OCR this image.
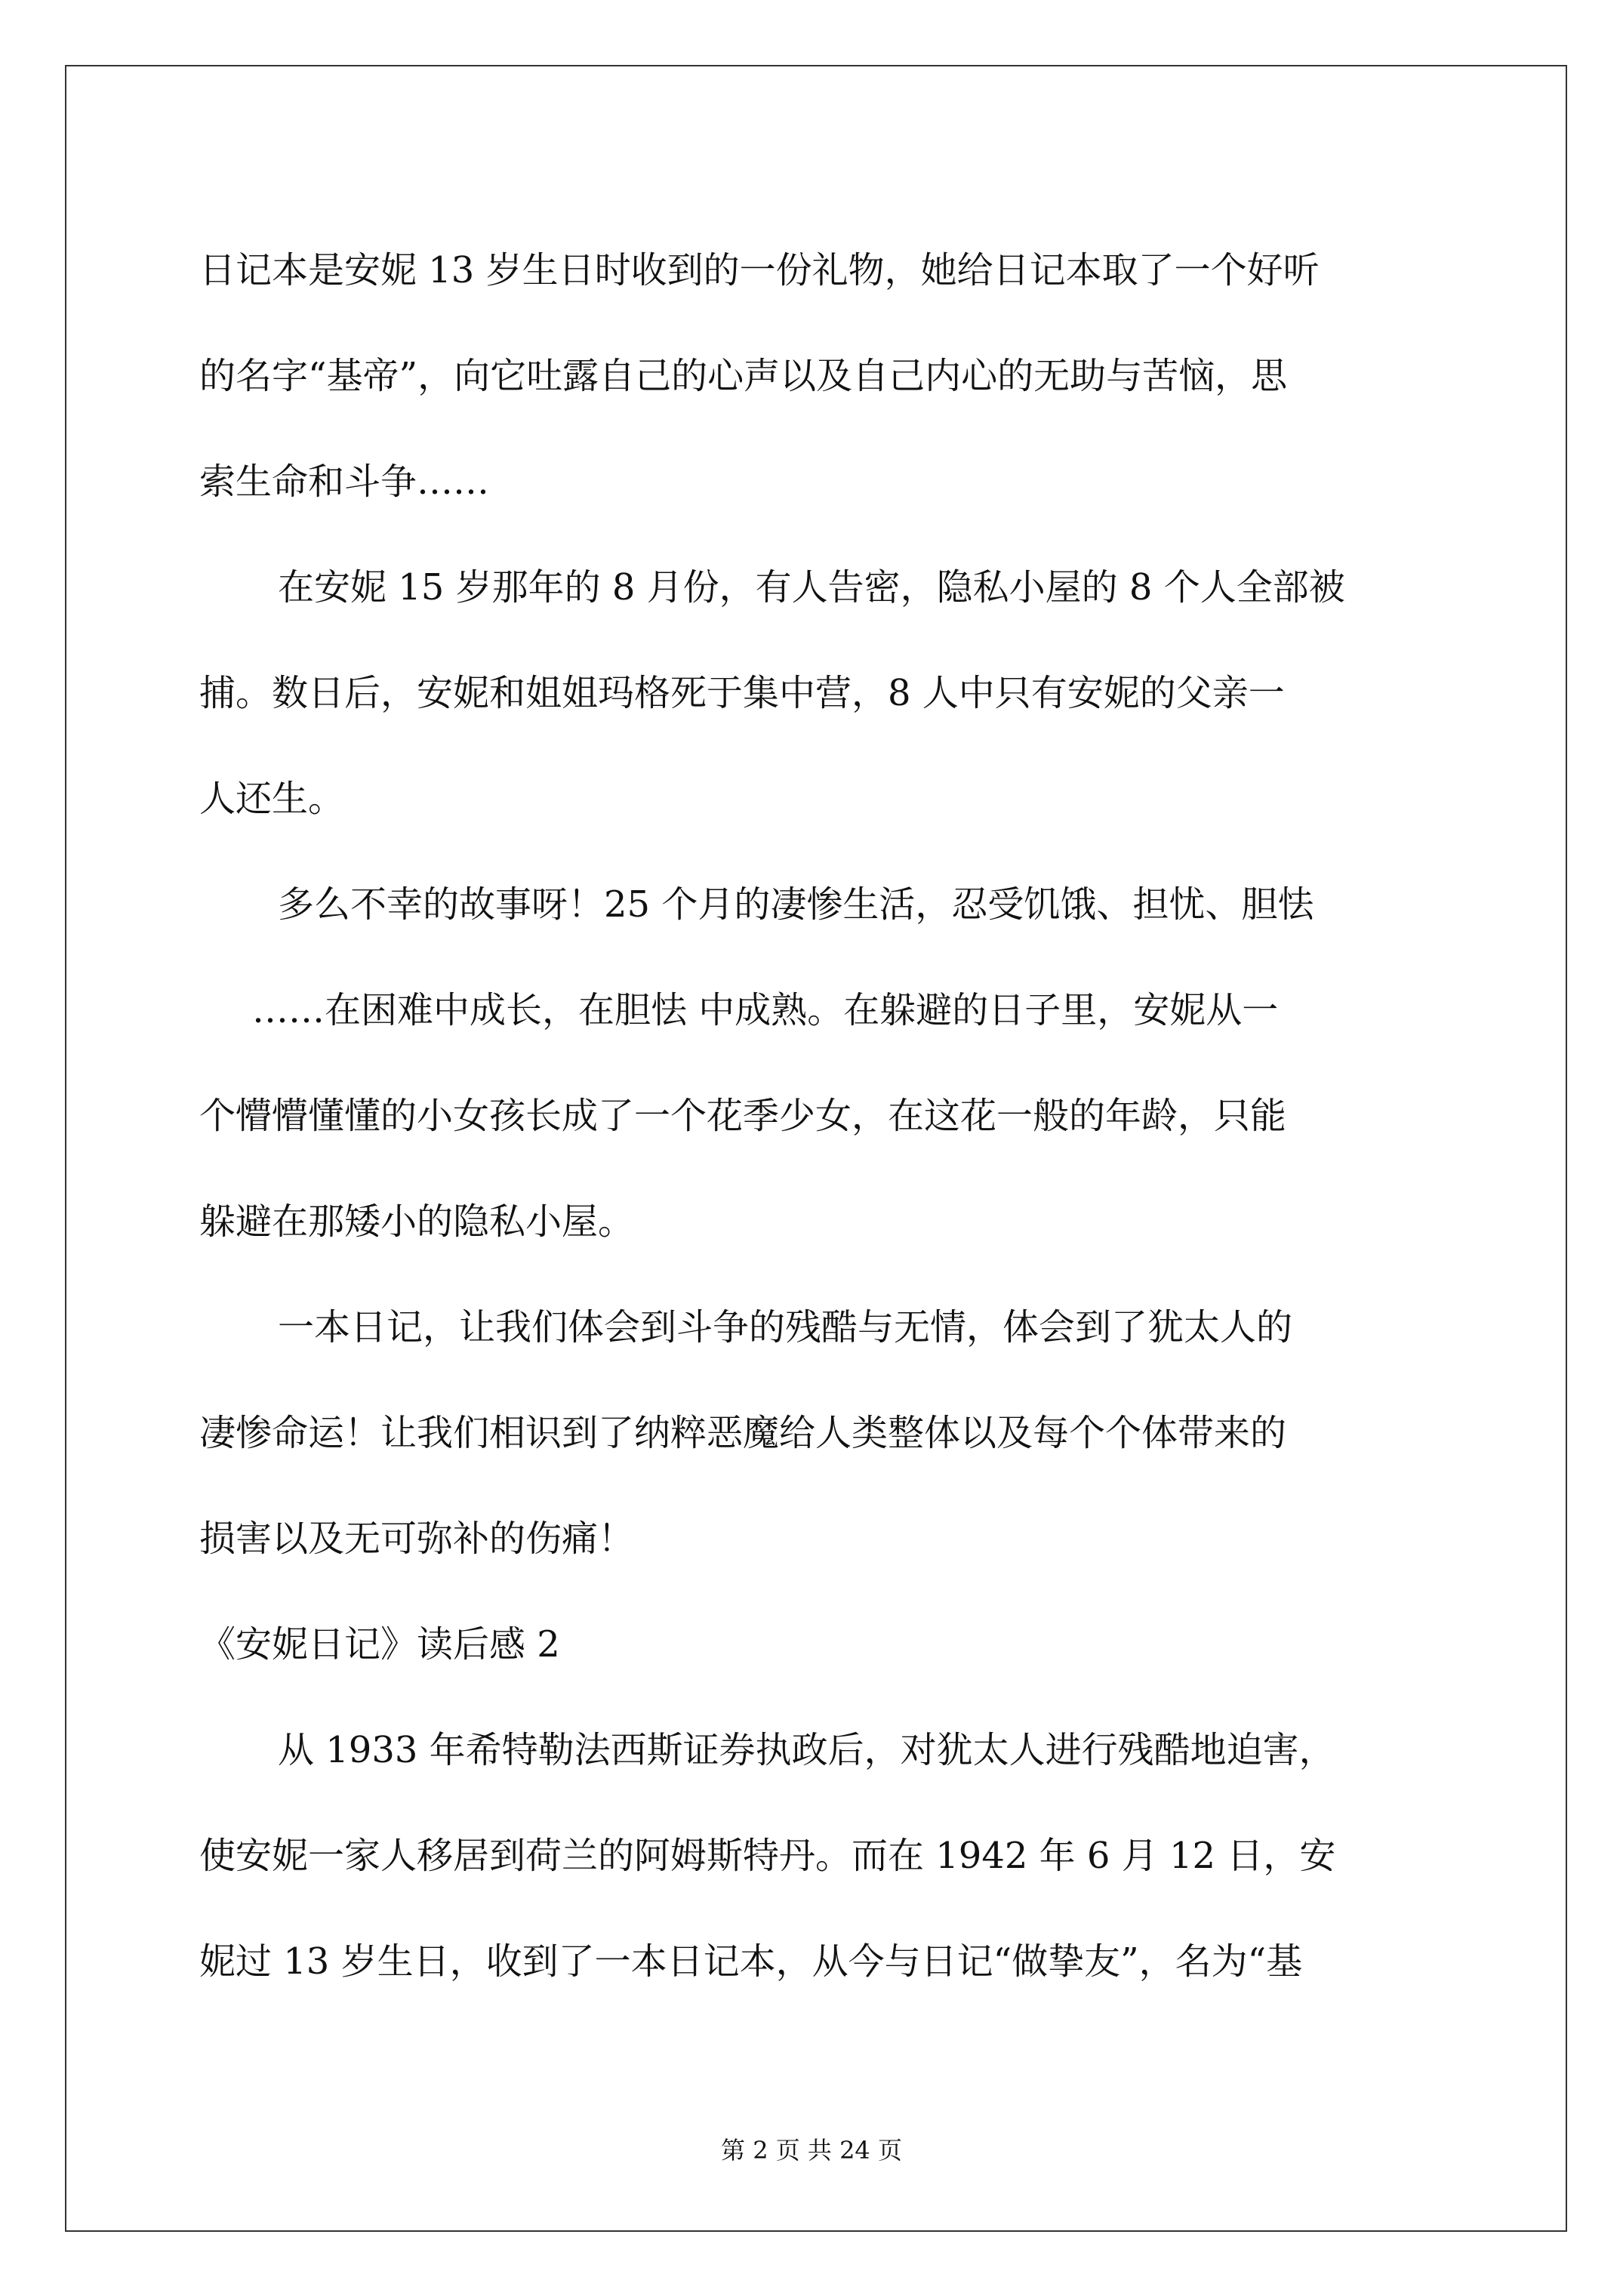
日记本是安妮 13 岁生日时收到的一份礼物，她给日记本取了一个好听
的名字“基帝”，向它吐露自己的心声以及自己内心的无助与苦恼，思
索生命和斗争……
在安妮 15 岁那年的 8 月份，有人告密，隐私小屋的 8 个人全部被
捕。数日后，安妮和姐姐玛格死于集中营，8 人中只有安妮的父亲一
人还生。
多么不幸的故事呀！25 个月的凄惨生活，忍受饥饿、担忧、胆怯
……在困难中成长，在胆怯 中成熟。在躲避的日子里，安妮从一
个懵懵懂懂的小女孩长成了一个花季少女，在这花一般的年龄，只能
躲避在那矮小的隐私小屋。
一本日记，让我们体会到斗争的残酷与无情，体会到了犹太人的
凄惨命运！让我们相识到了纳粹恶魔给人类整体以及每个个体带来的
损害以及无可弥补的伤痛！
《安妮日记》读后感 2
从 1933 年希特勒法西斯证券执政后，对犹太人进行残酷地迫害，
使安妮一家人移居到荷兰的阿姆斯特丹。而在 1942 年 6 月 12 日，安
妮过 13 岁生日，收到了一本日记本，从今与日记“做挚友”，名为“基
第 2 页 共 24 页
